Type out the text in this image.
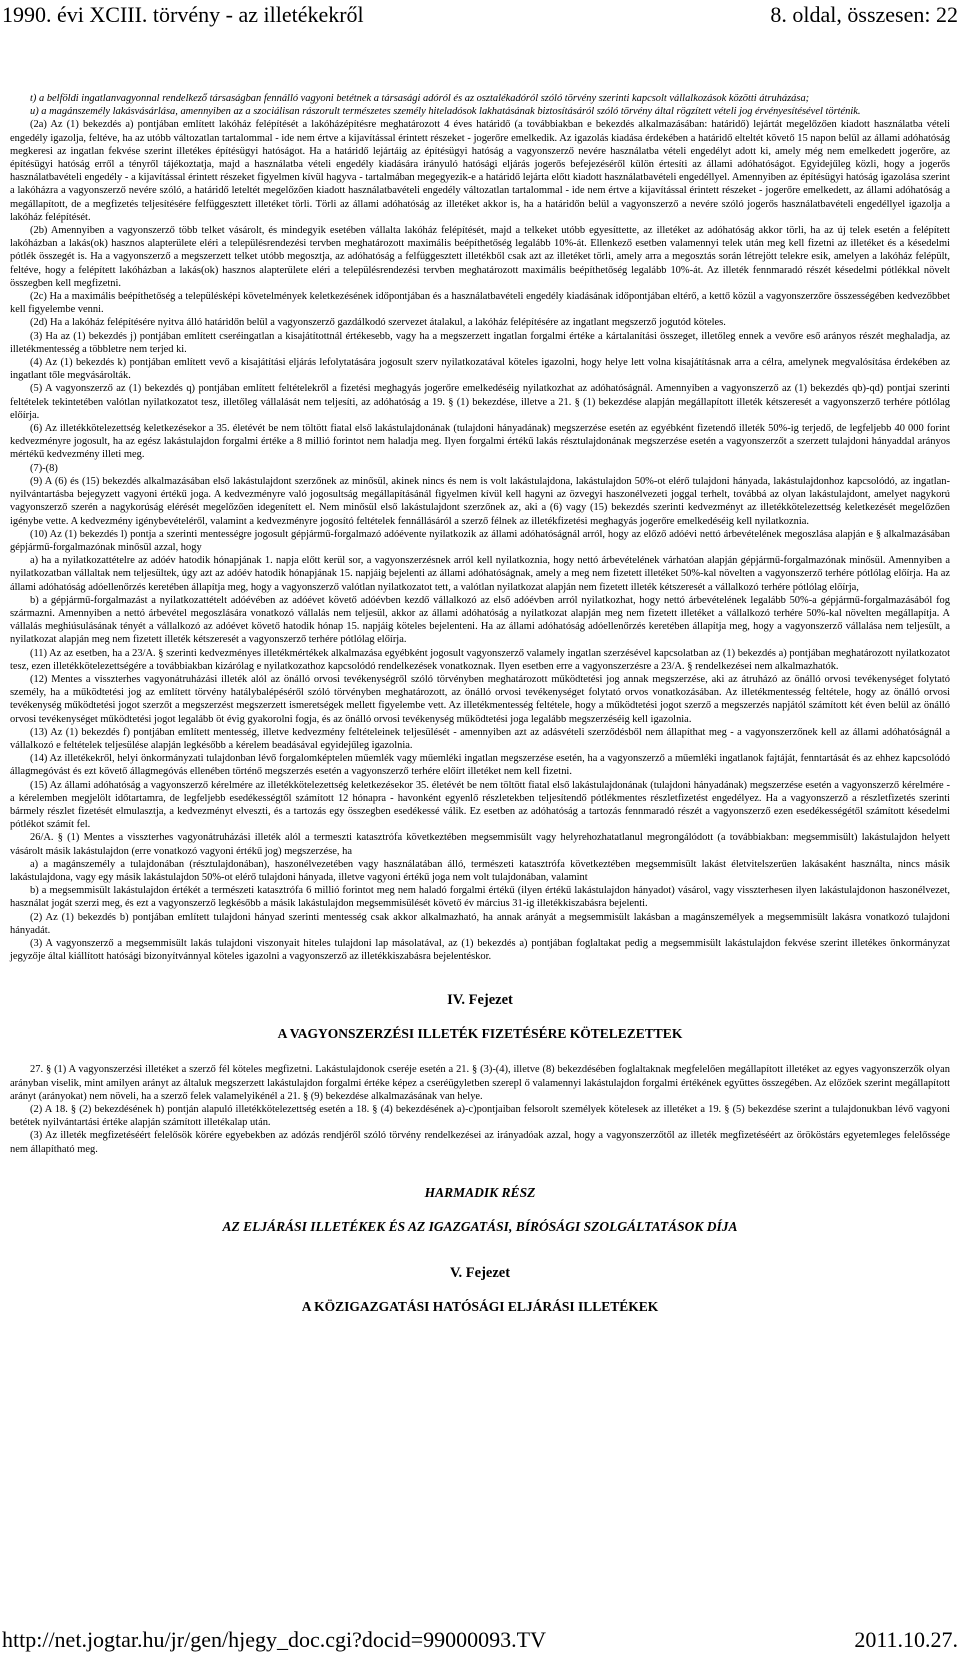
1990. évi XCIII. törvény - az illetékekről	8. oldal, összesen: 22

t) a belföldi ingatlanvagyonnal rendelkező társaságban fennálló vagyoni betétnek a társasági adóról és az osztalékadóról szóló törvény szerinti kapcsolt vállalkozások közötti átruházása;

u) a magánszemély lakásvásárlása, amennyiben az a szociálisan rászorult természetes személy hiteladósok lakhatásának biztosításáról szóló törvény által rögzített vételi jog érvényesítésével történik.

(2a) Az (1) bekezdés a) pontjában említett lakóház felépítését a lakóházépítésre meghatározott 4 éves határidő (a továbbiakban e bekezdés alkalmazásában: határidő) lejártát megelőzően kiadott használatba vételi engedély igazolja, feltéve, ha az utóbb változatlan tartalommal - ide nem értve a kijavítással érintett részeket - jogerőre emelkedik. Az igazolás kiadása érdekében a határidő elteltét követő 15 napon belül az állami adóhatóság megkeresi az ingatlan fekvése szerint illetékes építésügyi hatóságot. Ha a határidő lejártáig az építésügyi hatóság a vagyonszerző nevére használatba vételi engedélyt adott ki, amely még nem emelkedett jogerőre, az építésügyi hatóság erről a tényről tájékoztatja, majd a használatba vételi engedély kiadására irányuló hatósági eljárás jogerős befejezéséről külön értesíti az állami adóhatóságot. Egyidejűleg közli, hogy a jogerős használatbavételi engedély - a kijavítással érintett részeket figyelmen kívül hagyva - tartalmában megegyezik-e a határidő lejárta előtt kiadott használatbavételi engedéllyel. Amennyiben az építésügyi hatóság igazolása szerint a lakóházra a vagyonszerző nevére szóló, a határidő leteltét megelőzően kiadott használatbavételi engedély változatlan tartalommal - ide nem értve a kijavítással érintett részeket - jogerőre emelkedett, az állami adóhatóság a megállapított, de a megfizetés teljesítésére felfüggesztett illetéket törli. Törli az állami adóhatóság az illetéket akkor is, ha a határidőn belül a vagyonszerző a nevére szóló jogerős használatbavételi engedéllyel igazolja a lakóház felépítését.

(2b) Amennyiben a vagyonszerző több telket vásárolt, és mindegyik esetében vállalta lakóház felépítését, majd a telkeket utóbb egyesíttette, az illetéket az adóhatóság akkor törli, ha az új telek esetén a felépített lakóházban a lakás(ok) hasznos alapterülete eléri a településrendezési tervben meghatározott maximális beépíthetőség legalább 10%-át. Ellenkező esetben valamennyi telek után meg kell fizetni az illetéket és a késedelmi pótlék összegét is. Ha a vagyonszerző a megszerzett telket utóbb megosztja, az adóhatóság a felfüggesztett illetékből csak azt az illetéket törli, amely arra a megosztás során létrejött telekre esik, amelyen a lakóház felépült, feltéve, hogy a felépített lakóházban a lakás(ok) hasznos alapterülete eléri a településrendezési tervben meghatározott maximális beépíthetőség legalább 10%-át. Az illeték fennmaradó részét késedelmi pótlékkal növelt összegben kell megfizetni.

(2c) Ha a maximális beépíthetőség a településképi követelmények keletkezésének időpontjában és a használatbavételi engedély kiadásának időpontjában eltérő, a kettő közül a vagyonszerzőre összességében kedvezőbbet kell figyelembe venni.

(2d) Ha a lakóház felépítésére nyitva álló határidőn belül a vagyonszerző gazdálkodó szervezet átalakul, a lakóház felépítésére az ingatlant megszerző jogutód köteles.

(3) Ha az (1) bekezdés j) pontjában említett cseréingatlan a kisajátítottnál értékesebb, vagy ha a megszerzett ingatlan forgalmi értéke a kártalanítási összeget, illetőleg ennek a vevőre eső arányos részét meghaladja, az illetékmentesség a többletre nem terjed ki.

(4) Az (1) bekezdés k) pontjában említett vevő a kisajátítási eljárás lefolytatására jogosult szerv nyilatkozatával köteles igazolni, hogy helye lett volna kisajátításnak arra a célra, amelynek megvalósítása érdekében az ingatlant tőle megvásárolták.

(5) A vagyonszerző az (1) bekezdés q) pontjában említett feltételekről a fizetési meghagyás jogerőre emelkedéséig nyilatkozhat az adóhatóságnál. Amennyiben a vagyonszerző az (1) bekezdés qb)-qd) pontjai szerinti feltételek tekintetében valótlan nyilatkozatot tesz, illetőleg vállalását nem teljesíti, az adóhatóság a 19. § (1) bekezdése, illetve a 21. § (1) bekezdése alapján megállapított illeték kétszeresét a vagyonszerző terhére pótlólag előírja.

(6) Az illetékkötelezettség keletkezésekor a 35. életévét be nem töltött fiatal első lakástulajdonának (tulajdoni hányadának) megszerzése esetén az egyébként fizetendő illeték 50%-ig terjedő, de legfeljebb 40 000 forint kedvezményre jogosult, ha az egész lakástulajdon forgalmi értéke a 8 millió forintot nem haladja meg. Ilyen forgalmi értékű lakás résztulajdonának megszerzése esetén a vagyonszerzőt a szerzett tulajdoni hányaddal arányos mértékű kedvezmény illeti meg.

(7)-(8)

(9) A (6) és (15) bekezdés alkalmazásában első lakástulajdont szerzőnek az minősül, akinek nincs és nem is volt lakástulajdona, lakástulajdon 50%-ot elérő tulajdoni hányada, lakástulajdonhoz kapcsolódó, az ingatlan-nyilvántartásba bejegyzett vagyoni értékű joga. A kedvezményre való jogosultság megállapításánál figyelmen kívül kell hagyni az özvegyi haszonélvezeti joggal terhelt, továbbá az olyan lakástulajdont, amelyet nagykorú vagyonszerző szerén a nagykorúság elérését megelőzően idegenített el. Nem minősül első lakástulajdont szerzőnek az, aki a (6) vagy (15) bekezdés szerinti kedvezményt az illetékkötelezettség keletkezését megelőzően igénybe vette. A kedvezmény igénybevételéről, valamint a kedvezményre jogosító feltételek fennállásáról a szerző félnek az illetékfizetési meghagyás jogerőre emelkedéséig kell nyilatkoznia.

(10) Az (1) bekezdés l) pontja a szerinti mentességre jogosult gépjármű-forgalmazó adóévente nyilatkozik az állami adóhatóságnál arról, hogy az előző adóévi nettó árbevételének megoszlása alapján e § alkalmazásában gépjármű-forgalmazónak minősül azzal, hogy

a) ha a nyilatkozattételre az adóév hatodik hónapjának 1. napja előtt kerül sor, a vagyonszerzésnek arról kell nyilatkoznia, hogy nettó árbevételének várhatóan alapján gépjármű-forgalmazónak minősül. Amennyiben a nyilatkozatban vállaltak nem teljesültek, úgy azt az adóév hatodik hónapjának 15. napjáig bejelenti az állami adóhatóságnak, amely a meg nem fizetett illetéket 50%-kal növelten a vagyonszerző terhére pótlólag előírja. Ha az állami adóhatóság adóellenőrzés keretében állapítja meg, hogy a vagyonszerző valótlan nyilatkozatot tett, a valótlan nyilatkozat alapján nem fizetett illeték kétszeresét a vállalkozó terhére pótlólag előírja,

b) a gépjármű-forgalmazást a nyilatkozattételt adóévében az adóévet követő adóévben kezdő vállalkozó az első adóévben arról nyilatkozhat, hogy nettó árbevételének legalább 50%-a gépjármű-forgalmazásából fog származni. Amennyiben a nettó árbevétel megoszlására vonatkozó vállalás nem teljesül, akkor az állami adóhatóság a nyilatkozat alapján meg nem fizetett illetéket a vállalkozó terhére 50%-kal növelten megállapítja. A vállalás meghiúsulásának tényét a vállalkozó az adóévet követő hatodik hónap 15. napjáig köteles bejelenteni. Ha az állami adóhatóság adóellenőrzés keretében állapítja meg, hogy a vagyonszerző vállalása nem teljesült, a nyilatkozat alapján meg nem fizetett illeték kétszeresét a vagyonszerző terhére pótlólag előírja.

(11) Az az esetben, ha a 23/A. § szerinti kedvezményes illetékmértékek alkalmazása egyébként jogosult vagyonszerző valamely ingatlan szerzésével kapcsolatban az (1) bekezdés a) pontjában meghatározott nyilatkozatot tesz, ezen illetékkötelezettségére a továbbiakban kizárólag e nyilatkozathoz kapcsolódó rendelkezések vonatkoznak. Ilyen esetben erre a vagyonszerzésre a 23/A. § rendelkezései nem alkalmazhatók.

(12) Mentes a visszterhes vagyonátruházási illeték alól az önálló orvosi tevékenységről szóló törvényben meghatározott működtetési jog annak megszerzése, aki az átruházó az önálló orvosi tevékenységet folytató személy, ha a működtetési jog az említett törvény hatálybalépéséről szóló törvényben meghatározott, az önálló orvosi tevékenységet folytató orvos vonatkozásában. Az illetékmentesség feltétele, hogy az önálló orvosi tevékenység működtetési jogot szerzőt a megszerzést megszerzett ismeretségek mellett figyelembe vett. Az illetékmentesség feltétele, hogy a működtetési jogot szerző a megszerzés napjától számított két éven belül az önálló orvosi tevékenységet működtetési jogot legalább öt évig gyakorolni fogja, és az önálló orvosi tevékenység működtetési joga legalább megszerzéséig kell igazolnia.

(13) Az (1) bekezdés f) pontjában említett mentesség, illetve kedvezmény feltételeinek teljesülését - amennyiben azt az adásvételi szerződésből nem állapíthat meg - a vagyonszerzőnek kell az állami adóhatóságnál a vállalkozó e feltételek teljesülése alapján legkésőbb a kérelem beadásával egyidejűleg igazolnia.

(14) Az illetékekről, helyi önkormányzati tulajdonban lévő forgalomképtelen műemlék vagy műemléki ingatlan megszerzése esetén, ha a vagyonszerző a műemléki ingatlanok fajtáját, fenntartását és az ehhez kapcsolódó állagmegóvást és ezt követő állagmegóvás ellenében történő megszerzés esetén a vagyonszerző terhére előírt illetéket nem kell fizetni.

(15) Az állami adóhatóság a vagyonszerző kérelmére az illetékkötelezettség keletkezésekor 35. életévét be nem töltött fiatal első lakástulajdonának (tulajdoni hányadának) megszerzése esetén a vagyonszerző kérelmére - a kérelemben megjelölt időtartamra, de legfeljebb esedékességtől számított 12 hónapra - havonként egyenlő részletekben teljesítendő pótlékmentes részletfizetést engedélyez. Ha a vagyonszerző a részletfizetés szerinti bármely részlet fizetését elmulasztja, a kedvezményt elveszti, és a tartozás egy összegben esedékessé válik. Ez esetben az adóhatóság a tartozás fennmaradó részét a vagyonszerző ezen esedékességétől számított késedelmi pótlékot számít fel.

26/A. § (1) Mentes a visszterhes vagyonátruházási illeték alól a termeszti katasztrófa következtében megsemmisült vagy helyrehozhatatlanul megrongálódott (a továbbiakban: megsemmisült) lakástulajdon helyett vásárolt másik lakástulajdon (erre vonatkozó vagyoni értékű jog) megszerzése, ha

a) a magánszemély a tulajdonában (résztulajdonában), haszonélvezetében vagy használatában álló, természeti katasztrófa következtében megsemmisült lakást életvitelszerűen lakásaként használta, nincs másik lakástulajdona, vagy egy másik lakástulajdon 50%-ot elérő tulajdoni hányada, illetve vagyoni értékű joga nem volt tulajdonában, valamint

b) a megsemmisült lakástulajdon értékét a természeti katasztrófa 6 millió forintot meg nem haladó forgalmi értékű (ilyen értékű lakástulajdon hányadot) vásárol, vagy visszterhesen ilyen lakástulajdonon haszonélvezet, használat jogát szerzi meg, és ezt a vagyonszerző legkésőbb a másik lakástulajdon megsemmisülését követő év március 31-ig illetékkiszabásra bejelenti.

(2) Az (1) bekezdés b) pontjában említett tulajdoni hányad szerinti mentesség csak akkor alkalmazható, ha annak arányát a megsemmisült lakásban a magánszemélyek a megsemmisült lakásra vonatkozó tulajdoni hányadát.

(3) A vagyonszerző a megsemmisült lakás tulajdoni viszonyait hiteles tulajdoni lap másolatával, az (1) bekezdés a) pontjában foglaltakat pedig a megsemmisült lakástulajdon fekvése szerint illetékes önkormányzat jegyzője által kiállított hatósági bizonyítvánnyal köteles igazolni a vagyonszerző az illetékkiszabásra bejelentéskor.

IV. Fejezet

A VAGYONSZERZÉSI ILLETÉK FIZETÉSÉRE KÖTELEZETTEK

27. § (1) A vagyonszerzési illetéket a szerző fél köteles megfizetni. Lakástulajdonok cseréje esetén a 21. § (3)-(4), illetve (8) bekezdésében foglaltaknak megfelelően megállapított illetéket az egyes vagyonszerzők olyan arányban viselik, mint amilyen arányt az általuk megszerzett lakástulajdon forgalmi értéke képez a cseréügyletben szerepl ő valamennyi lakástulajdon forgalmi értékének együttes összegében. Az előzőek szerint megállapított arányt (arányokat) nem növeli, ha a szerző felek valamelyikénél a 21. § (9) bekezdése alkalmazásának van helye.

(2) A 18. § (2) bekezdésének h) pontján alapuló illetékkötelezettség esetén a 18. § (4) bekezdésének a)-c)pontjaiban felsorolt személyek kötelesek az illetéket a 19. § (5) bekezdése szerint a tulajdonukban lévő vagyoni betétek nyilvántartási értéke alapján számított illetékalap után.

(3) Az illeték megfizetéséért felelősök körére egyebekben az adózás rendjéről szóló törvény rendelkezései az irányadóak azzal, hogy a vagyonszerzőtől az illeték megfizetéséért az örököstárs egyetemleges felelőssége nem állapítható meg.

HARMADIK RÉSZ

AZ ELJÁRÁSI ILLETÉKEK ÉS AZ IGAZGATÁSI, BÍRÓSÁGI SZOLGÁLTATÁSOK DÍJA

V. Fejezet

A KÖZIGAZGATÁSI HATÓSÁGI ELJÁRÁSI ILLETÉKEK

http://net.jogtar.hu/jr/gen/hjegy_doc.cgi?docid=99000093.TV	2011.10.27.
